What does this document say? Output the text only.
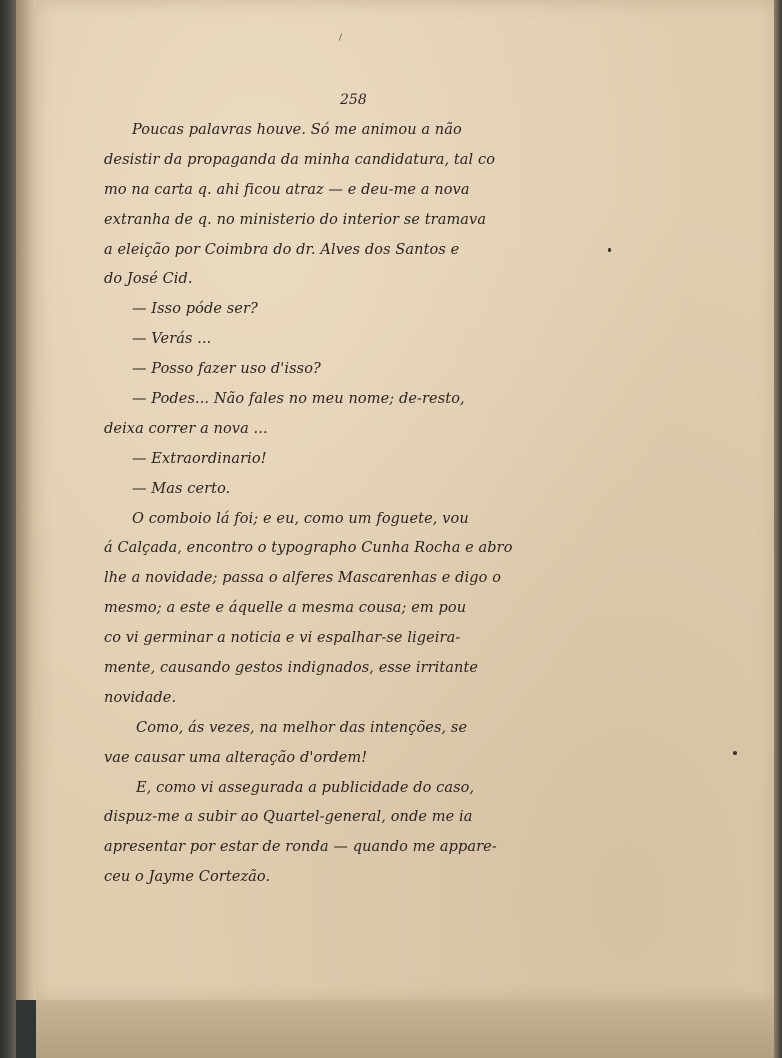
258
Poucas palavras houve. Só me animou a não
desistir da propaganda da minha candidatura, tal co
mo na carta q. ahi ficou atraz — e deu-me a nova
extranha de q. no ministerio do interior se tramava
a eleição por Coimbra do dr. Alves dos Santos e
do José Cid.
— Isso póde ser?
— Verás ...
— Posso fazer uso d'isso?
— Podes... Não fales no meu nome; de-resto,
deixa correr a nova ...
— Extraordinario!
— Mas certo.
O comboio lá foi; e eu, como um foguete, vou
á Calçada, encontro o typographo Cunha Rocha e abro
lhe a novidade; passa o alferes Mascarenhas e digo o
mesmo; a este e áquelle a mesma cousa; em pou
co vi germinar a noticia e vi espalhar-se ligeira-
mente, causando gestos indignados, esse irritante
novidade.
Como, ás vezes, na melhor das intenções, se
vae causar uma alteração d'ordem!
E, como vi assegurada a publicidade do caso,
dispuz-me a subir ao Quartel-general, onde me ia
apresentar por estar de ronda — quando me appare-
ceu o Jayme Cortezão.
